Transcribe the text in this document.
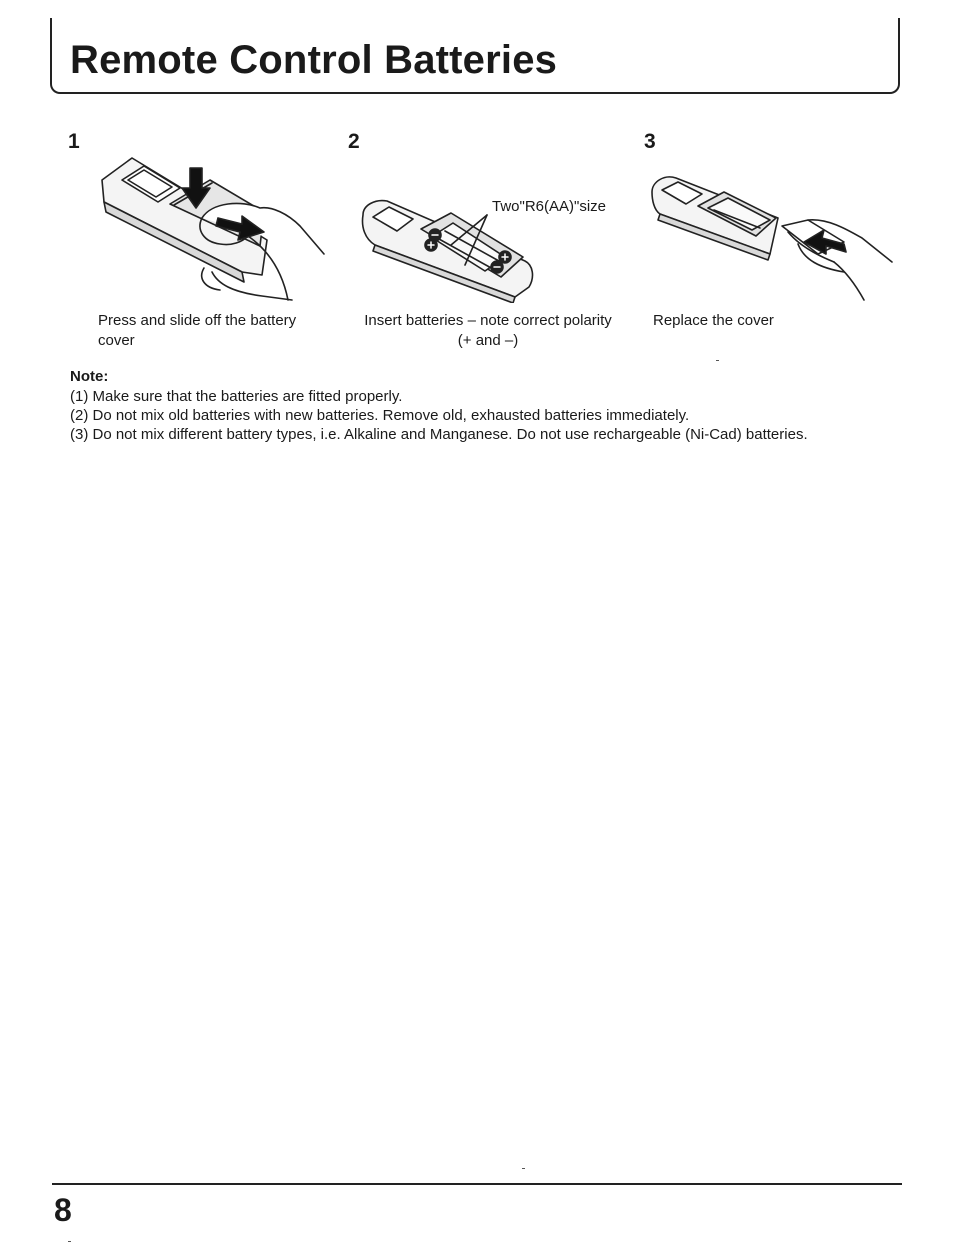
Remote Control Batteries
1
Press and slide off the battery
cover
2
Two"R6(AA)"size
Insert batteries – note correct polarity
(+ and –)
3
Replace the cover
Note:
(1) Make sure that the batteries are fitted properly.
(2) Do not mix old batteries with new batteries. Remove old, exhausted batteries immediately.
(3) Do not mix different battery types, i.e. Alkaline and Manganese. Do not use rechargeable (Ni-Cad) batteries.
8
